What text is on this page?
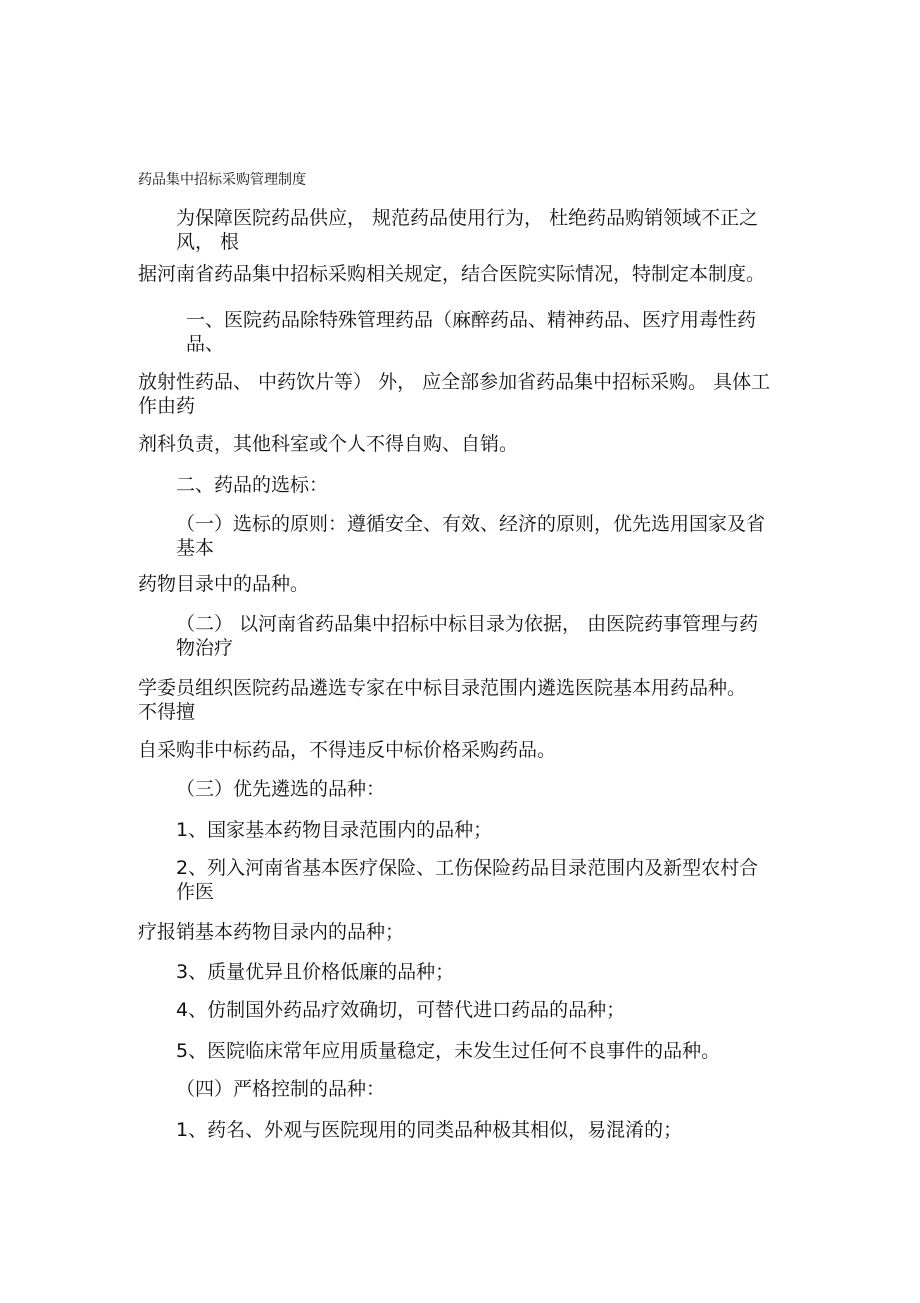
药品集中招标采购管理制度

为保障医院药品供应， 规范药品使用行为， 杜绝药品购销领域不正之风， 根

据河南省药品集中招标采购相关规定，结合医院实际情况，特制定本制度。

一、医院药品除特殊管理药品（麻醉药品、精神药品、医疗用毒性药品、

放射性药品、 中药饮片等） 外， 应全部参加省药品集中招标采购。 具体工作由药

剂科负责，其他科室或个人不得自购、自销。

二、药品的选标：

（一）选标的原则：遵循安全、有效、经济的原则，优先选用国家及省基本

药物目录中的品种。

（二） 以河南省药品集中招标中标目录为依据， 由医院药事管理与药物治疗

学委员组织医院药品遴选专家在中标目录范围内遴选医院基本用药品种。 不得擅

自采购非中标药品，不得违反中标价格采购药品。

（三）优先遴选的品种：

1、国家基本药物目录范围内的品种；

2、列入河南省基本医疗保险、工伤保险药品目录范围内及新型农村合作医

疗报销基本药物目录内的品种；

3、质量优异且价格低廉的品种；

4、仿制国外药品疗效确切，可替代进口药品的品种；

5、医院临床常年应用质量稳定，未发生过任何不良事件的品种。

（四）严格控制的品种：

1、药名、外观与医院现用的同类品种极其相似，易混淆的；
